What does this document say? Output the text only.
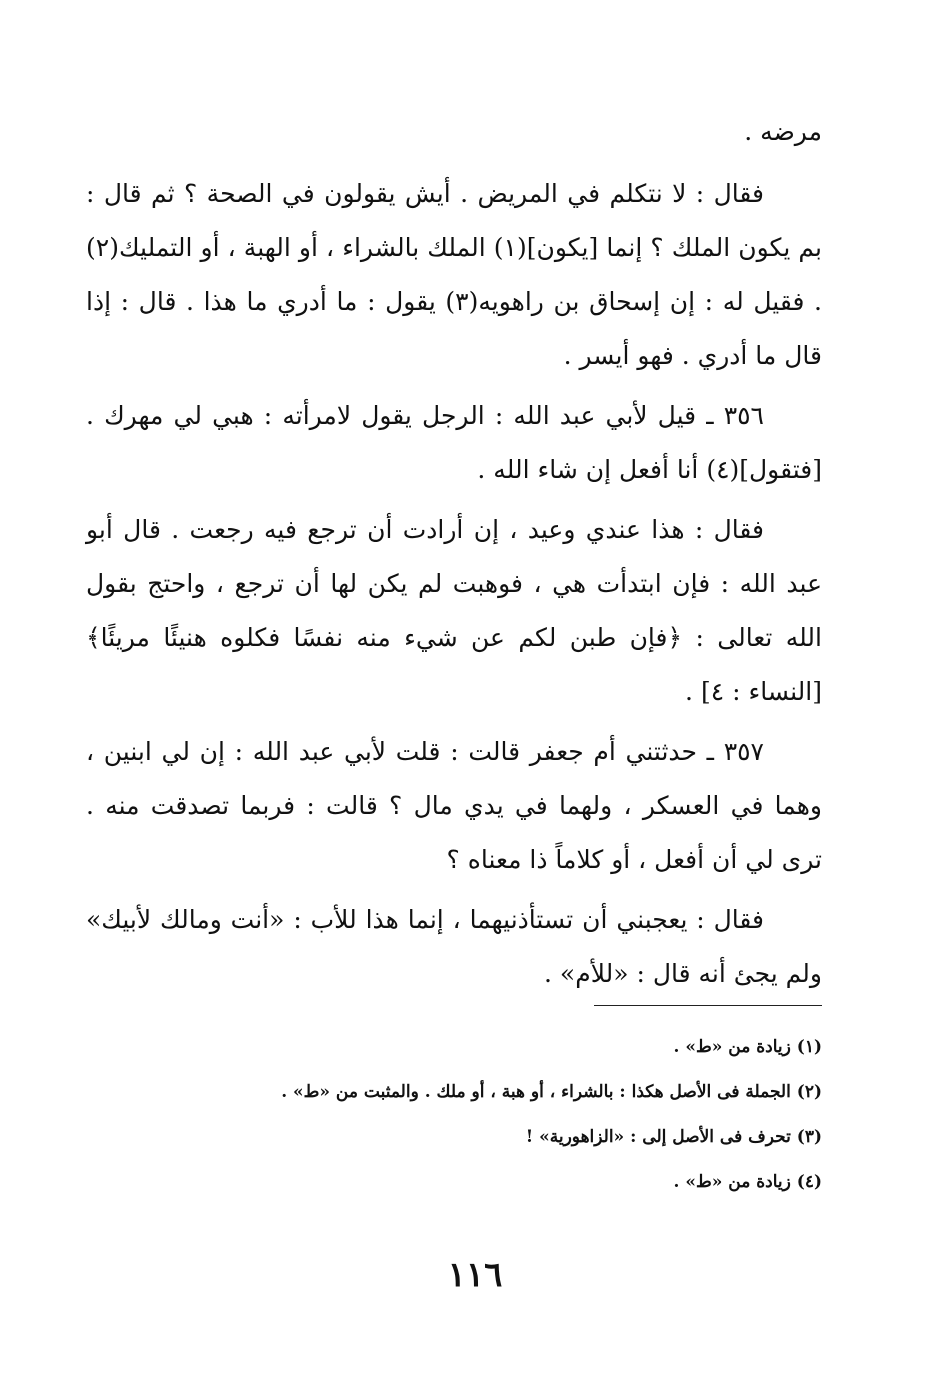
مرضه .

فقال : لا نتكلم في المريض . أيش يقولون في الصحة ؟ ثم قال : بم يكون الملك ؟ إنما [يكون](١) الملك بالشراء ، أو الهبة ، أو التمليك(٢) . فقيل له : إن إسحاق بن راهويه(٣) يقول : ما أدري ما هذا . قال : إذا قال ما أدري . فهو أيسر .

٣٥٦ ـ قيل لأبي عبد الله : الرجل يقول لامرأته : هبي لي مهرك . [فتقول](٤) أنا أفعل إن شاء الله .

فقال : هذا عندي وعيد ، إن أرادت أن ترجع فيه رجعت . قال أبو عبد الله : فإن ابتدأت هي ، فوهبت لم يكن لها أن ترجع ، واحتج بقول الله تعالى : ﴿فإن طبن لكم عن شيء منه نفسًا فكلوه هنيئًا مريئًا﴾ [النساء : ٤] .

٣٥٧ ـ حدثتني أم جعفر قالت : قلت لأبي عبد الله : إن لي ابنين ، وهما في العسكر ، ولهما في يدي مال ؟ قالت : فربما تصدقت منه . ترى لي أن أفعل ، أو كلاماً ذا معناه ؟

فقال : يعجبني أن تستأذنيهما ، إنما هذا للأب : «أنت ومالك لأبيك» ولم يجئ أنه قال : «للأم» .

(١) زيادة من «ط» .

(٢) الجملة فى الأصل هكذا : بالشراء ، أو هبة ، أو ملك . والمثبت من «ط» .

(٣) تحرف فى الأصل إلى : «الزاهورية» !

(٤) زيادة من «ط» .

١١٦
